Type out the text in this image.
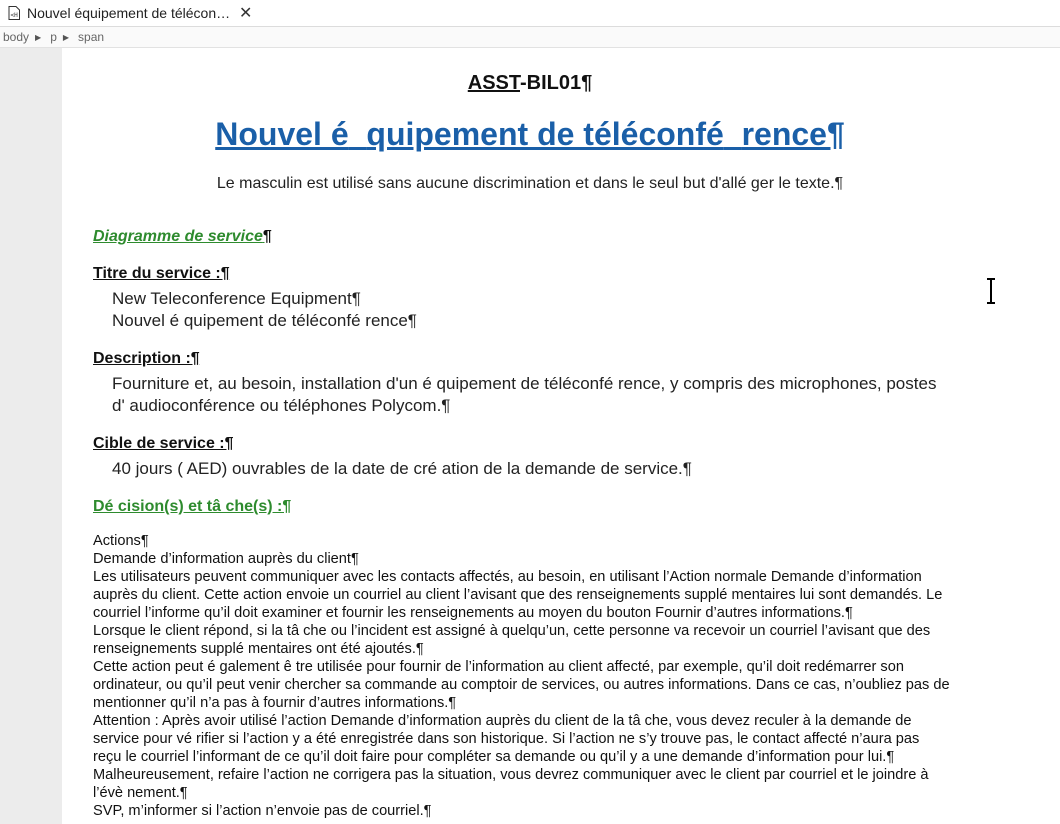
<H Nouvel équipement de télécon… ✕
body ▶ p ▶ span
ASST-BIL01¶
Nouvel é quipement de téléconfé rence¶
Le masculin est utilisé sans aucune discrimination et dans le seul but d'allé ger le texte.¶
Diagramme de service¶
Titre du service :¶
New Teleconference Equipment¶
Nouvel é quipement de téléconfé rence¶
Description :¶
Fourniture et, au besoin, installation d'un é quipement de téléconfé rence, y compris des microphones, postes
d' audioconférence ou téléphones Polycom.¶
Cible de service :¶
40 jours ( AED) ouvrables de la date de cré ation de la demande de service.¶
Dé cision(s) et tâ che(s) :¶
Actions¶
Demande d’information auprès du client¶
Les utilisateurs peuvent communiquer avec les contacts affectés, au besoin, en utilisant l’Action normale Demande d’information
auprès du client. Cette action envoie un courriel au client l’avisant que des renseignements supplé mentaires lui sont demandés. Le
courriel l’informe qu’il doit examiner et fournir les renseignements au moyen du bouton Fournir d’autres informations.¶
Lorsque le client répond, si la tâ che ou l’incident est assigné à quelqu’un, cette personne va recevoir un courriel l’avisant que des
renseignements supplé mentaires ont été ajoutés.¶
Cette action peut é galement ê tre utilisée pour fournir de l’information au client affecté, par exemple, qu’il doit redémarrer son
ordinateur, ou qu’il peut venir chercher sa commande au comptoir de services, ou autres informations. Dans ce cas, n’oubliez pas de
mentionner qu’il n’a pas à fournir d’autres informations.¶
Attention : Après avoir utilisé l’action Demande d’information auprès du client de la tâ che, vous devez reculer à la demande de
service pour vé rifier si l’action y a été enregistrée dans son historique. Si l’action ne s’y trouve pas, le contact affecté n’aura pas
reçu le courriel l’informant de ce qu’il doit faire pour compléter sa demande ou qu’il y a une demande d’information pour lui.¶
Malheureusement, refaire l’action ne corrigera pas la situation, vous devrez communiquer avec le client par courriel et le joindre à
l’évè nement.¶
SVP, m’informer si l’action n’envoie pas de courriel.¶
